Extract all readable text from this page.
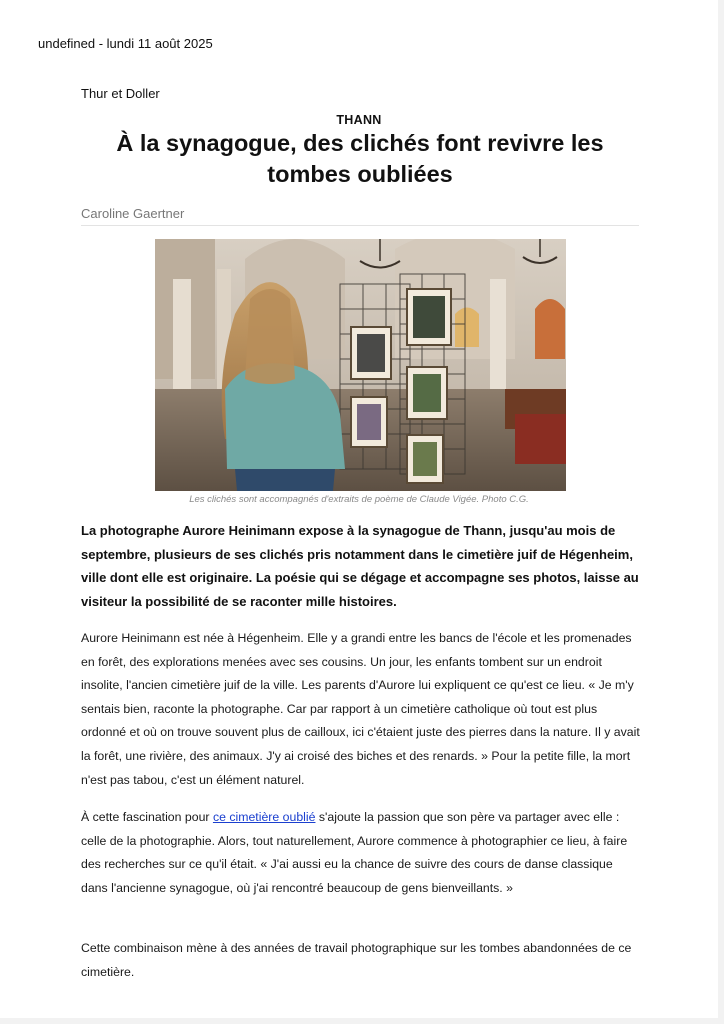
undefined - lundi 11 août 2025
Thur et Doller
THANN
À la synagogue, des clichés font revivre les tombes oubliées
Caroline Gaertner
Les clichés sont accompagnés d'extraits de poème de Claude Vigée. Photo C.G.

La photographe Aurore Heinimann expose à la synagogue de Thann, jusqu'au mois de septembre, plusieurs de ses clichés pris notamment dans le cimetière juif de Hégenheim, ville dont elle est originaire. La poésie qui se dégage et accompagne ses photos, laisse au visiteur la possibilité de se raconter mille histoires.

Aurore Heinimann est née à Hégenheim. Elle y a grandi entre les bancs de l'école et les promenades en forêt, des explorations menées avec ses cousins. Un jour, les enfants tombent sur un endroit insolite, l'ancien cimetière juif de la ville. Les parents d'Aurore lui expliquent ce qu'est ce lieu. « Je m'y sentais bien, raconte la photographe. Car par rapport à un cimetière catholique où tout est plus ordonné et où on trouve souvent plus de cailloux, ici c'étaient juste des pierres dans la nature. Il y avait la forêt, une rivière, des animaux. J'y ai croisé des biches et des renards. » Pour la petite fille, la mort n'est pas tabou, c'est un élément naturel.

À cette fascination pour ce cimetière oublié s'ajoute la passion que son père va partager avec elle : celle de la photographie. Alors, tout naturellement, Aurore commence à photographier ce lieu, à faire des recherches sur ce qu'il était. « J'ai aussi eu la chance de suivre des cours de danse classique dans l'ancienne synagogue, où j'ai rencontré beaucoup de gens bienveillants. »

Cette combinaison mène à des années de travail photographique sur les tombes abandonnées de ce cimetière.
